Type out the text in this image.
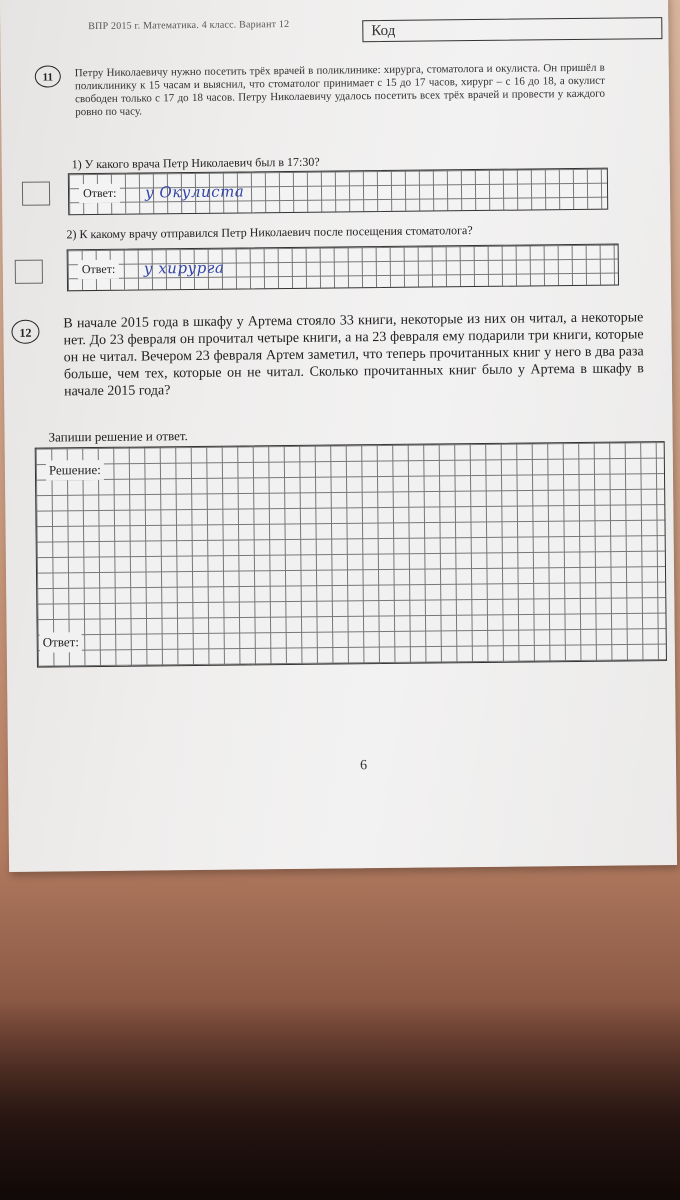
ВПР 2015 г. Математика. 4 класс. Вариант 12	Код
11	Петру Николаевичу нужно посетить трёх врачей в поликлинике: хирурга, стоматолога и окулиста. Он пришёл в поликлинику к 15 часам и выяснил, что стоматолог принимает с 15 до 17 часов, хирург – с 16 до 18, а окулист свободен только с 17 до 18 часов. Петру Николаевичу удалось посетить всех трёх врачей и провести у каждого ровно по часу.
1) У какого врача Петр Николаевич был в 17:30?
Ответ: у Окулиста
2) К какому врачу отправился Петр Николаевич после посещения стоматолога?
Ответ: у хирурга
12
В начале 2015 года в шкафу у Артема стояло 33 книги, некоторые из них он читал, а некоторые нет. До 23 февраля он прочитал четыре книги, а на 23 февраля ему подарили три книги, которые он не читал. Вечером 23 февраля Артем заметил, что теперь прочитанных книг у него в два раза больше, чем тех, которые он не читал. Сколько прочитанных книг было у Артема в шкафу в начале 2015 года?
Запиши решение и ответ.
Решение:
Ответ:
6
